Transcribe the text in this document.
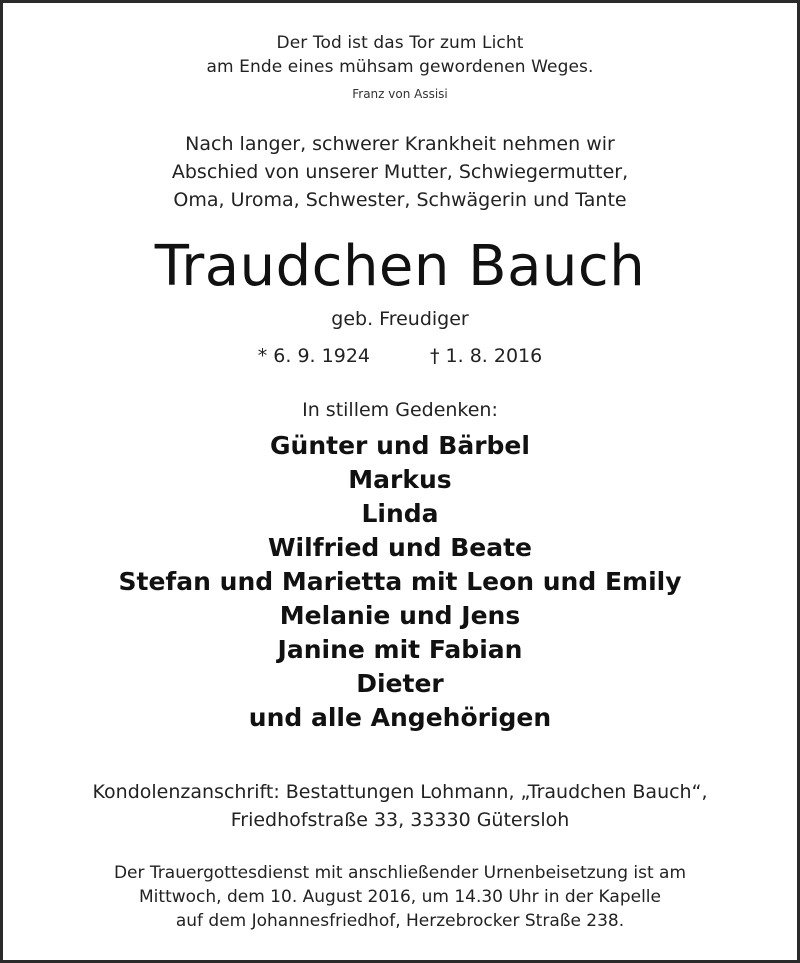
Der Tod ist das Tor zum Licht
am Ende eines mühsam gewordenen Weges.
Franz von Assisi
Nach langer, schwerer Krankheit nehmen wir
Abschied von unserer Mutter, Schwiegermutter,
Oma, Uroma, Schwester, Schwägerin und Tante
Traudchen Bauch
geb. Freudiger
* 6. 9. 1924	† 1. 8. 2016
In stillem Gedenken:
Günter und Bärbel
Markus
Linda
Wilfried und Beate
Stefan und Marietta mit Leon und Emily
Melanie und Jens
Janine mit Fabian
Dieter
und alle Angehörigen
Kondolenzanschrift: Bestattungen Lohmann, „Traudchen Bauch“,
Friedhofstraße 33, 33330 Gütersloh
Der Trauergottesdienst mit anschließender Urnenbeisetzung ist am
Mittwoch, dem 10. August 2016, um 14.30 Uhr in der Kapelle
auf dem Johannesfriedhof, Herzebrocker Straße 238.
